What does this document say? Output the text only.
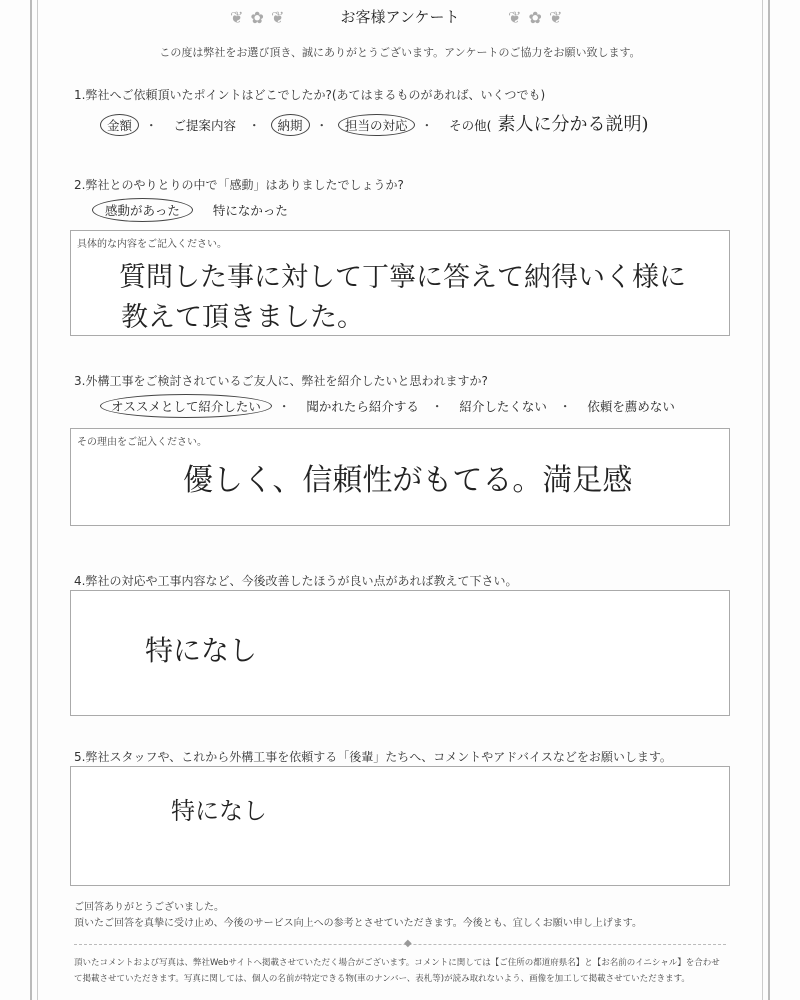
❦ ✿ ❦	お客様アンケート	❦ ✿ ❦
この度は弊社をお選び頂き、誠にありがとうございます。アンケートのご協力をお願い致します。
1.弊社へご依頼頂いたポイントはどこでしたか?(あてはまるものがあれば、いくつでも)
金額 ・ ご提案内容 ・ 納期 ・ 担当の対応 ・ その他( 素人に分かる説明)
2.弊社とのやりとりの中で「感動」はありましたでしょうか?
感動があった	特になかった
具体的な内容をご記入ください。
質問した事に対して丁寧に答えて納得いく様に
教えて頂きました。
3.外構工事をご検討されているご友人に、弊社を紹介したいと思われますか?
オススメとして紹介したい ・ 聞かれたら紹介する ・ 紹介したくない ・ 依頼を薦めない
その理由をご記入ください。
優しく、信頼性がもてる。満足感
4.弊社の対応や工事内容など、今後改善したほうが良い点があれば教えて下さい。
特になし
5.弊社スタッフや、これから外構工事を依頼する「後輩」たちへ、コメントやアドバイスなどをお願いします。
特になし
ご回答ありがとうございました。
頂いたご回答を真摯に受け止め、今後のサービス向上への参考とさせていただきます。今後とも、宜しくお願い申し上げます。
◆
頂いたコメントおよび写真は、弊社Webサイトへ掲載させていただく場合がございます。コメントに関しては【ご住所の都道府県名】と【お名前のイニシャル】を合わせ
て掲載させていただきます。写真に関しては、個人の名前が特定できる物(車のナンバー、表札等)が読み取れないよう、画像を加工して掲載させていただきます。
